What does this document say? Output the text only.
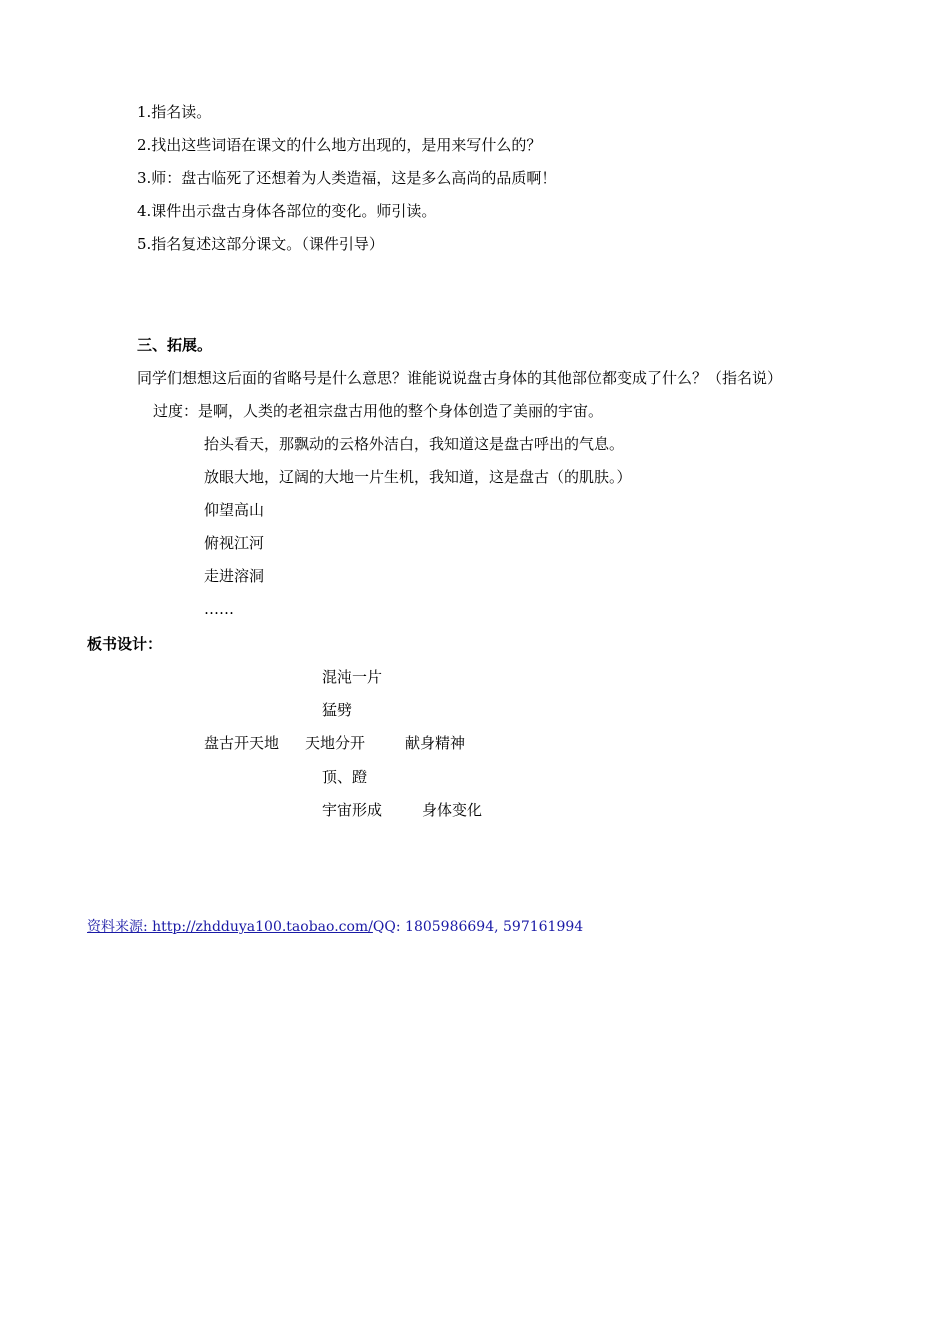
1.指名读。
2.找出这些词语在课文的什么地方出现的，是用来写什么的？
3.师：盘古临死了还想着为人类造福，这是多么高尚的品质啊！
4.课件出示盘古身体各部位的变化。师引读。
5.指名复述这部分课文。（课件引导）
三、拓展。
同学们想想这后面的省略号是什么意思？谁能说说盘古身体的其他部位都变成了什么？（指名说）
过度：是啊，人类的老祖宗盘古用他的整个身体创造了美丽的宇宙。
抬头看天，那飘动的云格外洁白，我知道这是盘古呼出的气息。
放眼大地，辽阔的大地一片生机，我知道，这是盘古（的肌肤。）
仰望高山
俯视江河
走进溶洞
……
板书设计：
混沌一片
猛劈
盘古开天地 天地分开	献身精神
顶、蹬
宇宙形成	身体变化
资料来源: http://zhdduya100.taobao.com/QQ: 1805986694, 597161994
